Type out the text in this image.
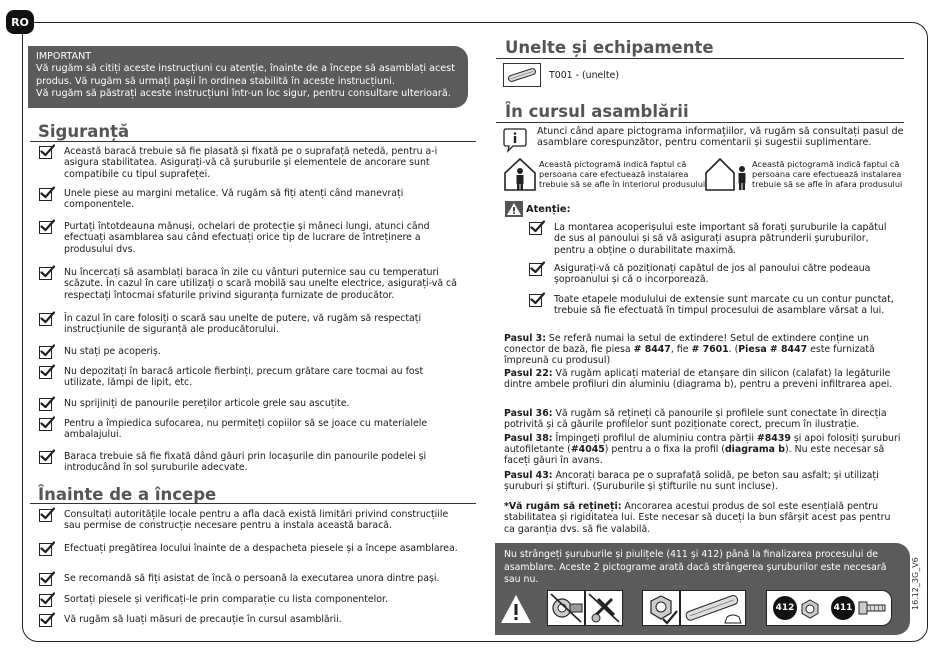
RO
IMPORTANT
Vă rugăm să citiți aceste instrucțiuni cu atenție, înainte de a începe să asamblați acest
produs. Vă rugăm să urmați pașii în ordinea stabilită în aceste instrucțiuni.
Vă rugăm să păstrați aceste instrucțiuni într-un loc sigur, pentru consultare ulterioară.
Siguranță
Această baracă trebuie să fie plasată și fixată pe o suprafață netedă, pentru a-i asigura stabilitatea. Asigurați-vă că șuruburile și elementele de ancorare sunt compatibile cu tipul suprafeței.
Unele piese au margini metalice. Vă rugăm să fiți atenți când manevrați componentele.
Purtați întotdeauna mănuși, ochelari de protecție și mâneci lungi, atunci când efectuați asamblarea sau când efectuați orice tip de lucrare de întreținere a produsului dvs.
Nu încercați să asamblați baraca în zile cu vânturi puternice sau cu temperaturi scăzute. În cazul în care utilizați o scară mobilă sau unelte electrice, asigurați-vă că respectați întocmai sfaturile privind siguranța furnizate de producător.
În cazul în care folosiți o scară sau unelte de putere, vă rugăm să respectați instrucțiunile de siguranță ale producătorului.
Nu stați pe acoperiș.
Nu depozitați în baracă articole fierbinți, precum grătare care tocmai au fost utilizate, lămpi de lipit, etc.
Nu sprijiniți de panourile pereților articole grele sau ascuțite.
Pentru a împiedica sufocarea, nu permiteți copiilor să se joace cu materialele ambalajului.
Baraca trebuie să fie fixată dând găuri prin locașurile din panourile podelei și introducând în sol șuruburile adecvate.
Înainte de a începe
Consultați autoritățile locale pentru a afla dacă există limitări privind construcțiile sau permise de construcție necesare pentru a instala această baracă.
Efectuați pregătirea locului înainte de a despacheta piesele și a începe asamblarea.
Se recomandă să fiți asistat de încă o persoană la executarea unora dintre pași.
Sortați piesele și verificați-le prin comparație cu lista componentelor.
Vă rugăm să luați măsuri de precauție în cursul asamblării.
Unelte și echipamente
T001 - (unelte)
În cursul asamblării
Atunci când apare pictograma informațiilor, vă rugăm să consultați pasul de asamblare corespunzător, pentru comentarii și sugestii suplimentare.
Această pictogramă indică faptul că persoana care efectuează instalarea trebuie să se afle în interiorul produsului
Această pictogramă indică faptul că persoana care efectuează instalarea trebuie să se afle în afara produsului
Atenție:
La montarea acoperișului este important să forați șuruburile la capătul de sus al panoului și să vă asigurați asupra pătrunderii șuruburilor, pentru a obține o durabilitate maximă.
Asigurați-vă că poziționați capătul de jos al panoului către podeaua șoproanului și că o incorporează.
Toate etapele modulului de extensie sunt marcate cu un contur punctat, trebuie să fie efectuată în timpul procesului de asamblare vărsat a lui.
Pasul 3: Se referă numai la setul de extindere! Setul de extindere conține un conector de bază, fie piesa # 8447, fie # 7601. (Piesa # 8447 este furnizată împreună cu produsul)
Pasul 22: Vă rugăm aplicați material de etanșare din silicon (calafat) la legăturile dintre ambele profiluri din aluminiu (diagrama b), pentru a preveni infiltrarea apei.
Pasul 36: Vă rugăm să rețineți că panourile și profilele sunt conectate în direcția potrivită și că găurile profilelor sunt poziționate corect, precum în ilustrație.
Pasul 38: Împingeți profilul de aluminiu contra părții #8439 și apoi folosiți șuruburi autofiletante (#4045) pentru a o fixa la profil (diagrama b). Nu este necesar să faceți găuri în avans.
Pasul 43: Ancorați baraca pe o suprafață solidă, pe beton sau asfalt; și utilizați șuruburi și știfturi. (Șuruburile și știfturile nu sunt incluse).
*Vă rugăm să rețineți: Ancorarea acestui produs de sol este esențială pentru stabilitatea și rigiditatea lui. Este necesar să duceți la bun sfârșit acest pas pentru ca garanția dvs. să fie valabilă.
Nu strângeți șuruburile și piulițele (411 și 412) până la finalizarea procesului de asamblare. Aceste 2 pictograme arată dacă strângerea șuruburilor este necesară sau nu.
412	411	16.12_3G_V6
